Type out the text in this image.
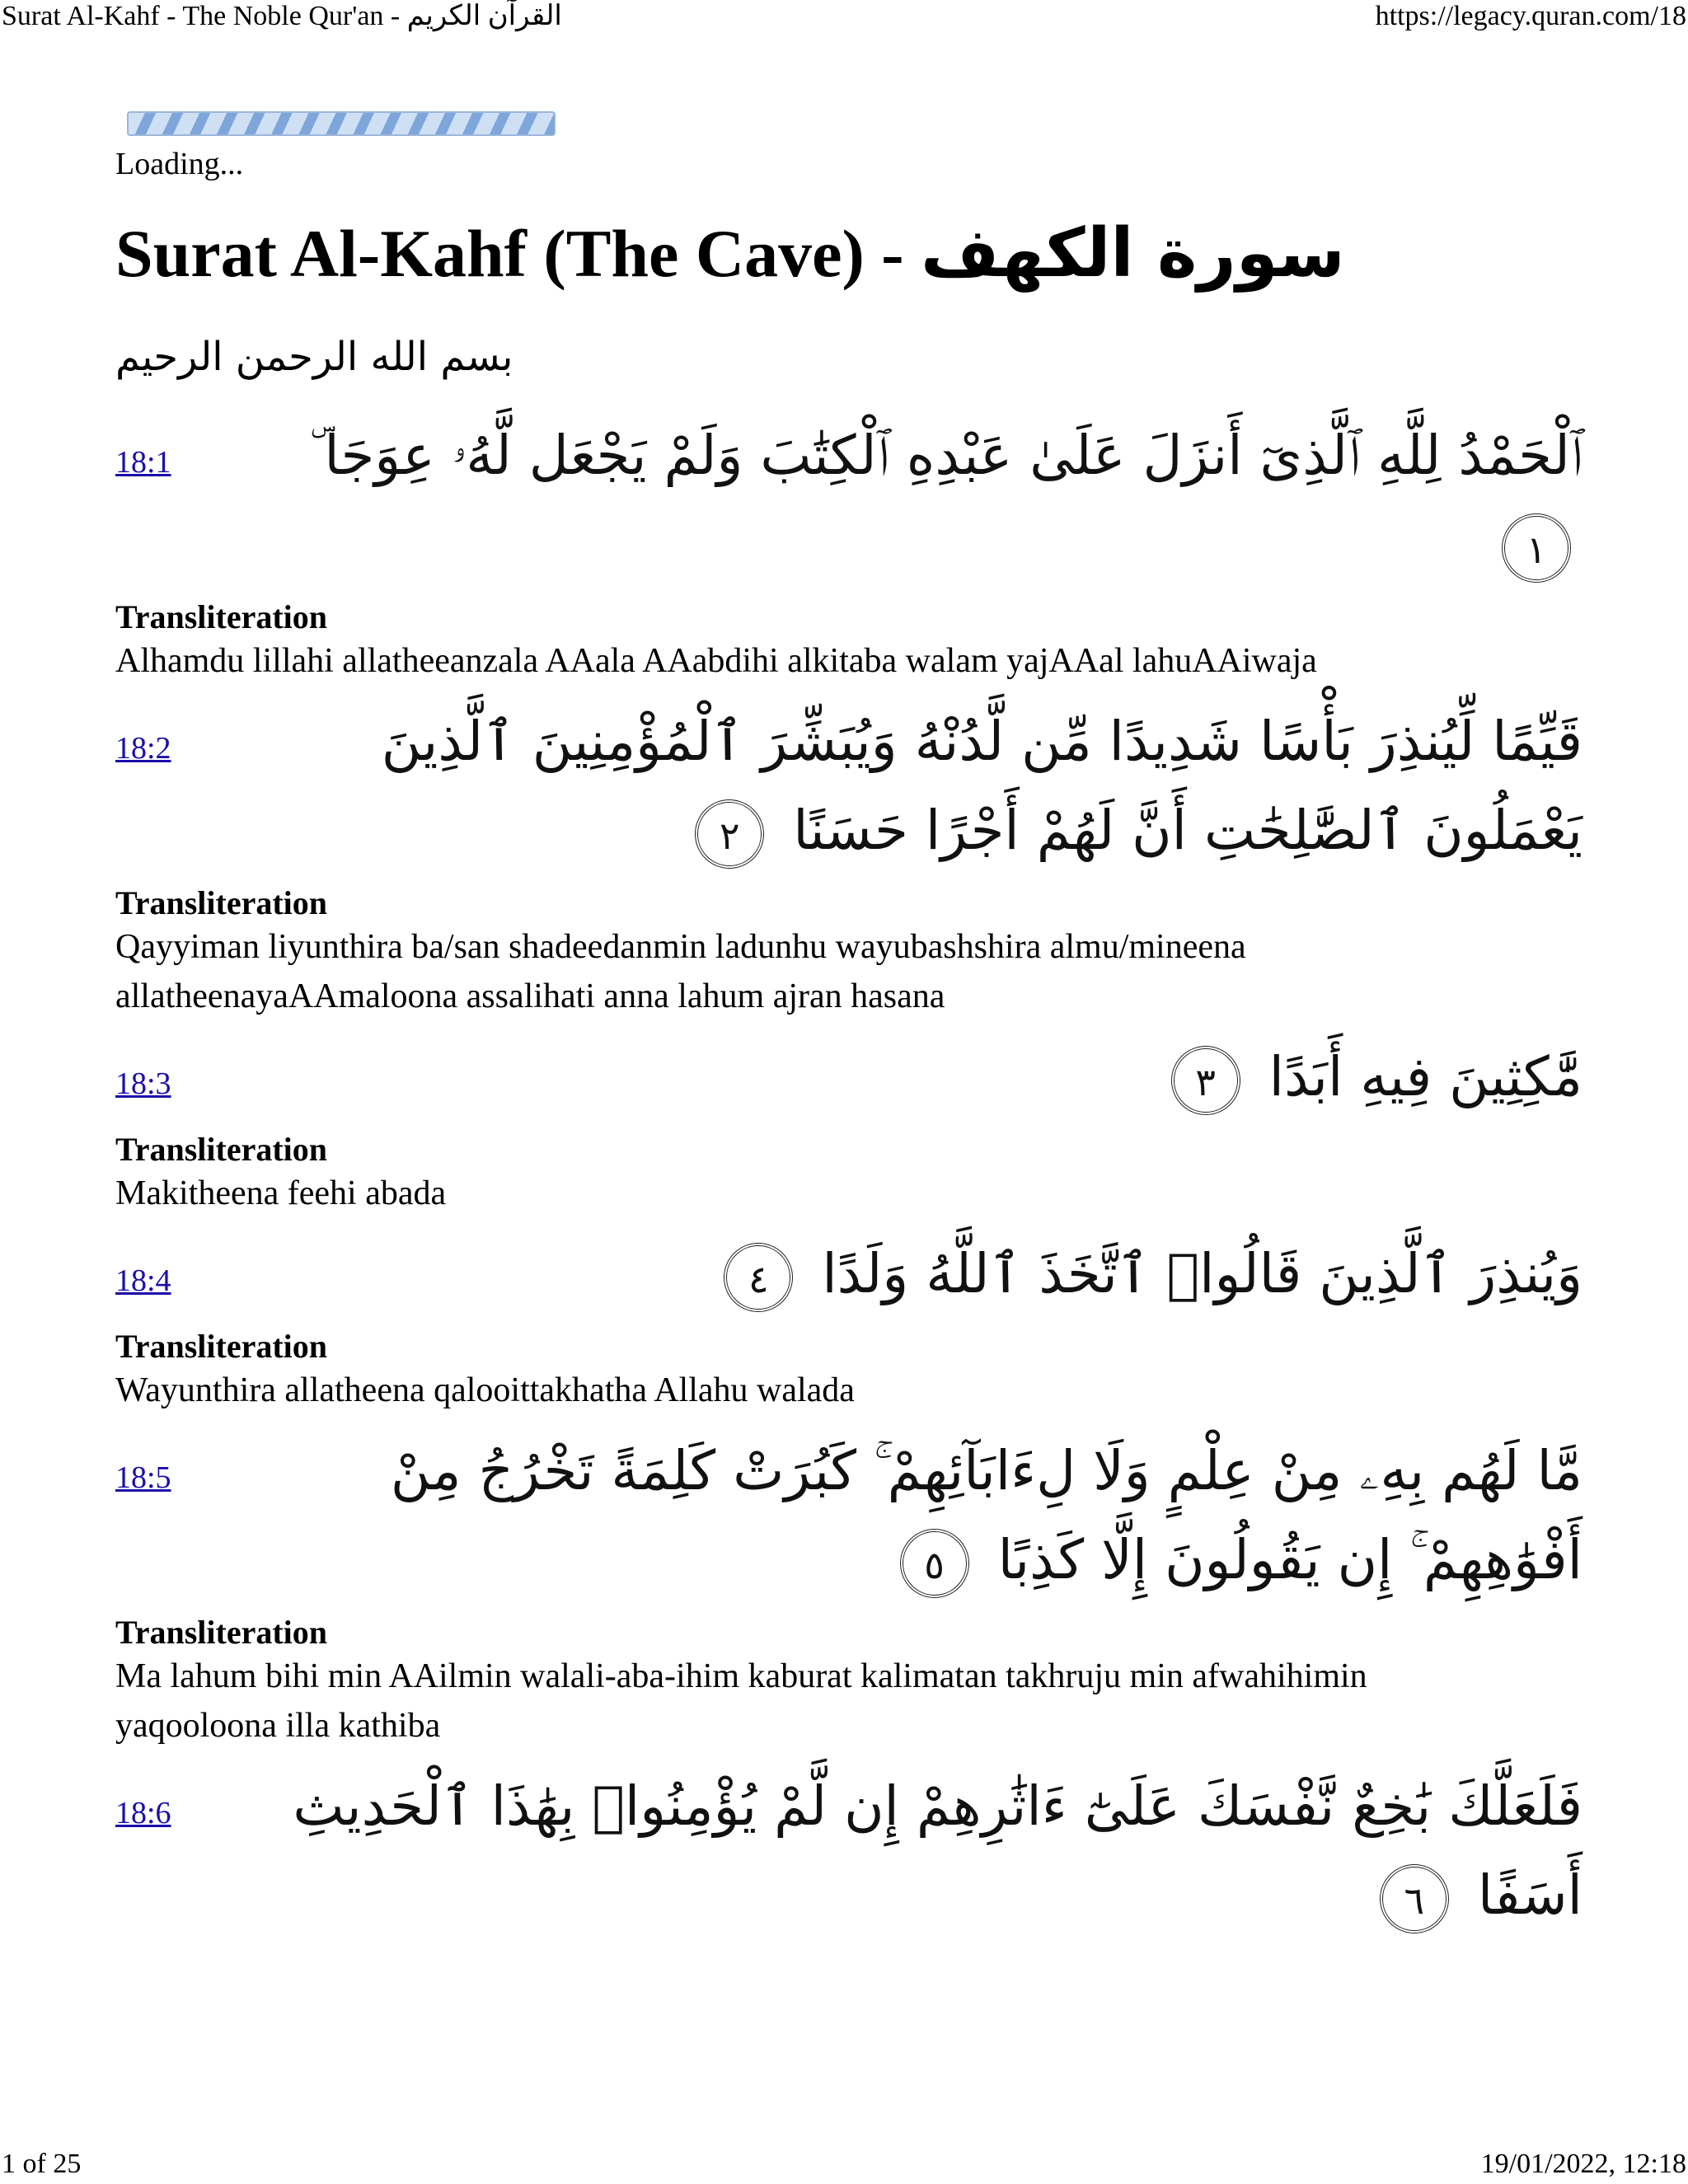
Surat Al-Kahf - The Noble Qur'an - القرآن الكريم	https://legacy.quran.com/18
Loading...
Surat Al-Kahf (The Cave) - سورة الكهف
بسم الله الرحمن الرحيم
18:1	ٱلْحَمْدُ لِلَّهِ ٱلَّذِىٓ أَنزَلَ عَلَىٰ عَبْدِهِ ٱلْكِتَٰبَ وَلَمْ يَجْعَل لَّهُۥ عِوَجَا ۜ ١
Transliteration
Alhamdu lillahi allatheeanzala AAala AAabdihi alkitaba walam yajAAal lahuAAiwaja
18:2	قَيِّمًا لِّيُنذِرَ بَأْسًا شَدِيدًا مِّن لَّدُنْهُ وَيُبَشِّرَ ٱلْمُؤْمِنِينَ ٱلَّذِينَ يَعْمَلُونَ ٱلصَّٰلِحَٰتِ أَنَّ لَهُمْ أَجْرًا حَسَنًا ٢
Transliteration
Qayyiman liyunthira ba/san shadeedanmin ladunhu wayubashshira almu/mineena allatheenayaAAmaloona assalihati anna lahum ajran hasana
18:3	مَّٰكِثِينَ فِيهِ أَبَدًا ٣
Transliteration
Makitheena feehi abada
18:4	وَيُنذِرَ ٱلَّذِينَ قَالُوا۟ ٱتَّخَذَ ٱللَّهُ وَلَدًا ٤
Transliteration
Wayunthira allatheena qalooittakhatha Allahu walada
18:5	مَّا لَهُم بِهِۦ مِنْ عِلْمٍ وَلَا لِءَابَآئِهِمْ ۚ كَبُرَتْ كَلِمَةً تَخْرُجُ مِنْ أَفْوَٰهِهِمْ ۚ إِن يَقُولُونَ إِلَّا كَذِبًا ٥
Transliteration
Ma lahum bihi min AAilmin walali-aba-ihim kaburat kalimatan takhruju min afwahihimin yaqooloona illa kathiba
18:6	فَلَعَلَّكَ بَٰخِعٌ نَّفْسَكَ عَلَىٰٓ ءَاثَٰرِهِمْ إِن لَّمْ يُؤْمِنُوا۟ بِهَٰذَا ٱلْحَدِيثِ أَسَفًا ٦
1 of 25	19/01/2022, 12:18
